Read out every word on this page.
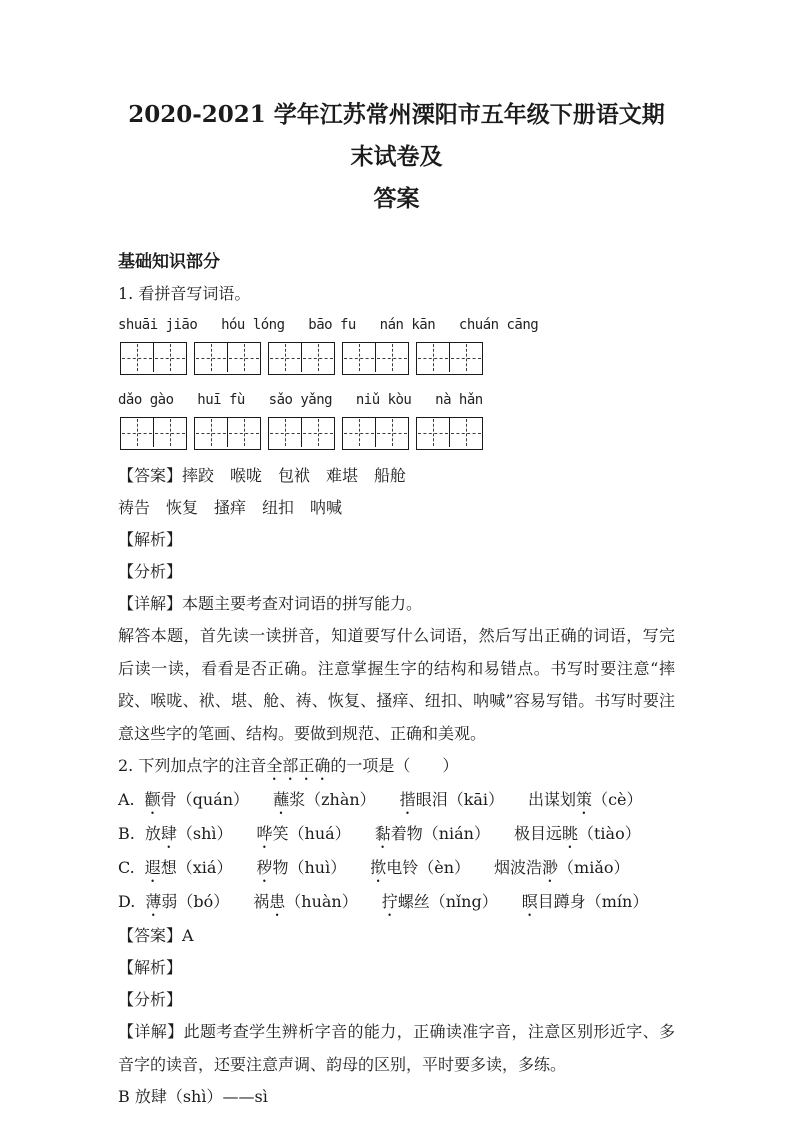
2020-2021 学年江苏常州溧阳市五年级下册语文期末试卷及
答案
基础知识部分

1. 看拼音写词语。

shuāi jiāo   hóu lóng   bāo fu   nán kān   chuán cāng
dǎo gào   huī fù   sǎo yǎng   niǔ kòu   nà hǎn

【答案】摔跤　喉咙　包袱　难堪　船舱

祷告　恢复　搔痒　纽扣　呐喊

【解析】

【分析】

【详解】本题主要考查对词语的拼写能力。

解答本题，首先读一读拼音，知道要写什么词语，然后写出正确的词语，写完后读一读，看看是否正确。注意掌握生字的结构和易错点。书写时要注意“摔跤、喉咙、袱、堪、舱、祷、恢复、搔痒、纽扣、呐喊”容易写错。书写时要注意这些字的笔画、结构。要做到规范、正确和美观。

2. 下列加点字的注音全部正确的一项是（　　）

A. 颧骨（quán）　　蘸浆（zhàn）　　揩眼泪（kāi）　　出谋划策（cè）

B. 放肆（shì）　　哗笑（huá）　　黏着物（nián）　　极目远眺（tiào）

C. 遐想（xiá）　　秽物（huì）　　揿电铃（èn）　　烟波浩渺（miǎo）

D. 薄弱（bó）　　祸患（huàn）　　拧螺丝（nǐng）　　瞑目蹲身（mín）

【答案】A

【解析】

【分析】

【详解】此题考查学生辨析字音的能力，正确读准字音，注意区别形近字、多音字的读音，还要注意声调、韵母的区别，平时要多读，多练。

B 放肆（shì）——sì
